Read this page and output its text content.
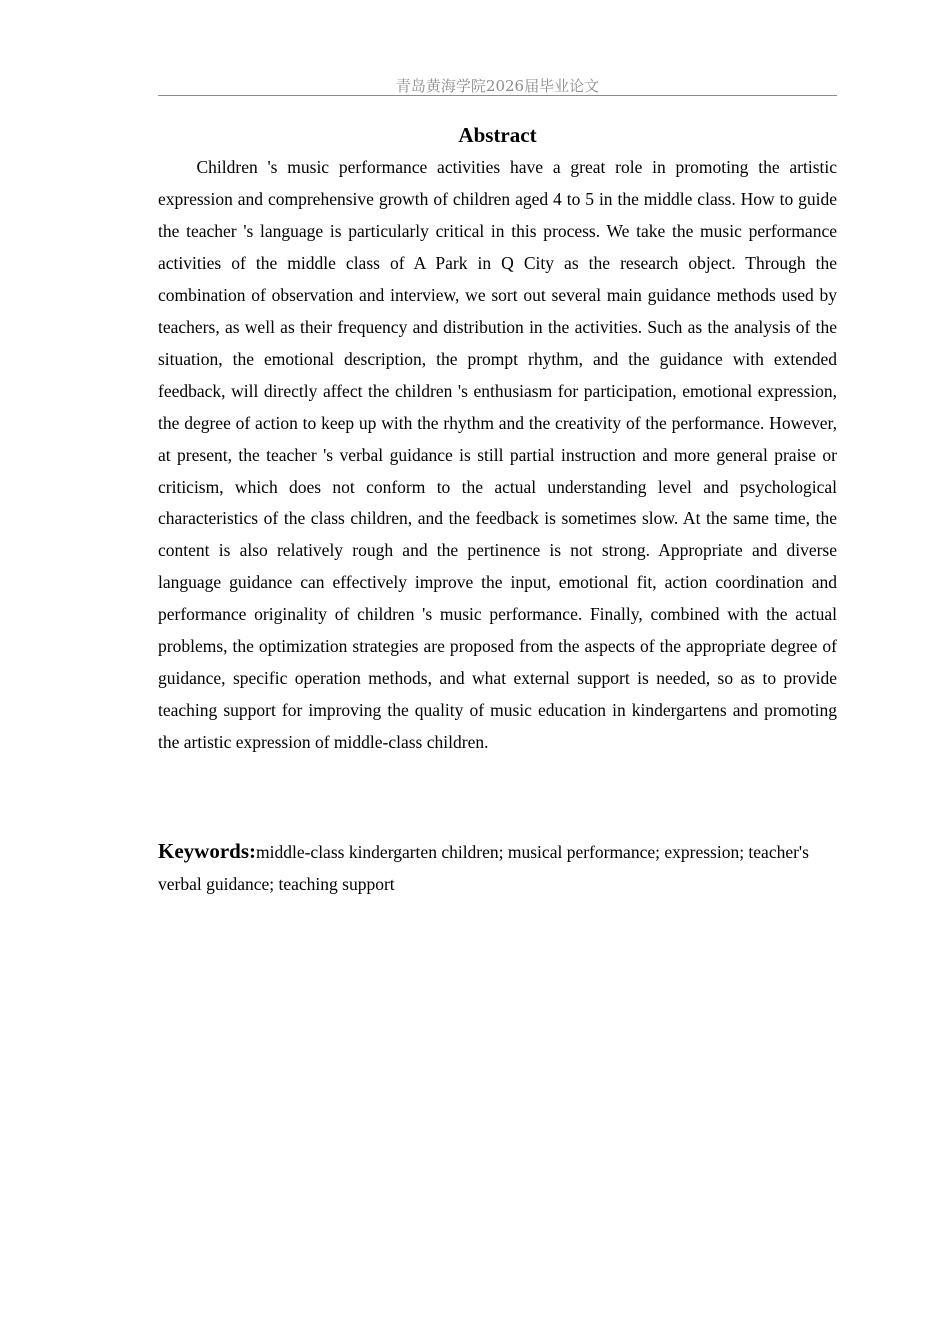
青岛黄海学院2026届毕业论文
Abstract

Children 's music performance activities have a great role in promoting the artistic expression and comprehensive growth of children aged 4 to 5 in the middle class. How to guide the teacher 's language is particularly critical in this process. We take the music performance activities of the middle class of A Park in Q City as the research object. Through the combination of observation and interview, we sort out several main guidance methods used by teachers, as well as their frequency and distribution in the activities. Such as the analysis of the situation, the emotional description, the prompt rhythm, and the guidance with extended feedback, will directly affect the children 's enthusiasm for participation, emotional expression, the degree of action to keep up with the rhythm and the creativity of the performance. However, at present, the teacher 's verbal guidance is still partial instruction and more general praise or criticism, which does not conform to the actual understanding level and psychological characteristics of the class children, and the feedback is sometimes slow. At the same time, the content is also relatively rough and the pertinence is not strong. Appropriate and diverse language guidance can effectively improve the input, emotional fit, action coordination and performance originality of children 's music performance. Finally, combined with the actual problems, the optimization strategies are proposed from the aspects of the appropriate degree of guidance, specific operation methods, and what external support is needed, so as to provide teaching support for improving the quality of music education in kindergartens and promoting the artistic expression of middle-class children.

Keywords:middle-class kindergarten children; musical performance; expression; teacher's verbal guidance; teaching support
